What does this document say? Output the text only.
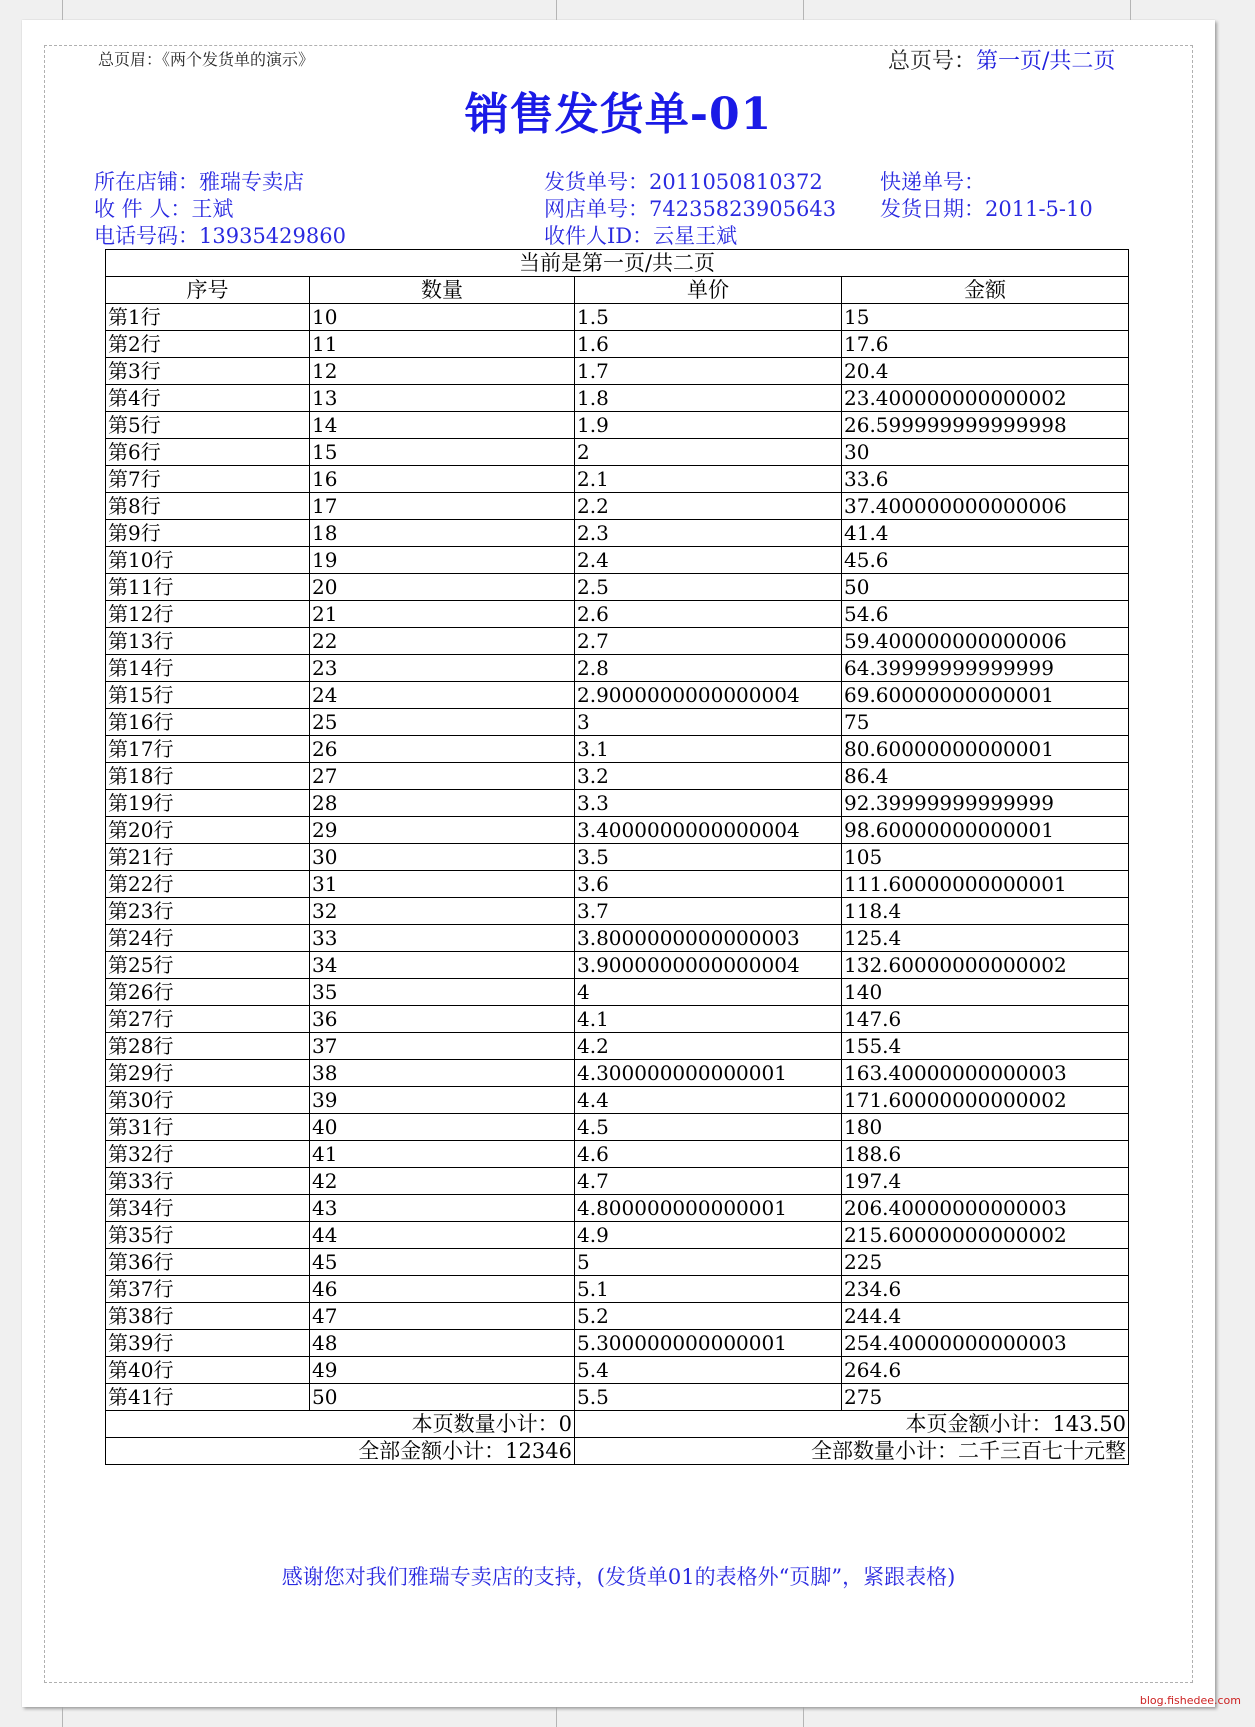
总页眉：《两个发货单的演示》	总页号：第一页/共二页
销售发货单-01
所在店铺：雅瑞专卖店
收 件 人：王斌
电话号码：13935429860
发货单号：2011050810372
网店单号：74235823905643
收件人ID：云星王斌
快递单号：
发货日期：2011-5-10
当前是第一页/共二页			
序号	数量	单价	金额
第1行	10	1.5	15
第2行	11	1.6	17.6
第3行	12	1.7	20.4
第4行	13	1.8	23.400000000000002
第5行	14	1.9	26.599999999999998
第6行	15	2	30
第7行	16	2.1	33.6
第8行	17	2.2	37.400000000000006
第9行	18	2.3	41.4
第10行	19	2.4	45.6
第11行	20	2.5	50
第12行	21	2.6	54.6
第13行	22	2.7	59.400000000000006
第14行	23	2.8	64.39999999999999
第15行	24	2.9000000000000004	69.60000000000001
第16行	25	3	75
第17行	26	3.1	80.60000000000001
第18行	27	3.2	86.4
第19行	28	3.3	92.39999999999999
第20行	29	3.4000000000000004	98.60000000000001
第21行	30	3.5	105
第22行	31	3.6	111.60000000000001
第23行	32	3.7	118.4
第24行	33	3.8000000000000003	125.4
第25行	34	3.9000000000000004	132.60000000000002
第26行	35	4	140
第27行	36	4.1	147.6
第28行	37	4.2	155.4
第29行	38	4.300000000000001	163.40000000000003
第30行	39	4.4	171.60000000000002
第31行	40	4.5	180
第32行	41	4.6	188.6
第33行	42	4.7	197.4
第34行	43	4.800000000000001	206.40000000000003
第35行	44	4.9	215.60000000000002
第36行	45	5	225
第37行	46	5.1	234.6
第38行	47	5.2	244.4
第39行	48	5.300000000000001	254.40000000000003
第40行	49	5.4	264.6
第41行	50	5.5	275
本页数量小计：0		本页金额小计：143.50	
全部金额小计：12346		全部数量小计：二千三百七十元整	
感谢您对我们雅瑞专卖店的支持，(发货单01的表格外“页脚”，紧跟表格)
blog.fishedee.com
